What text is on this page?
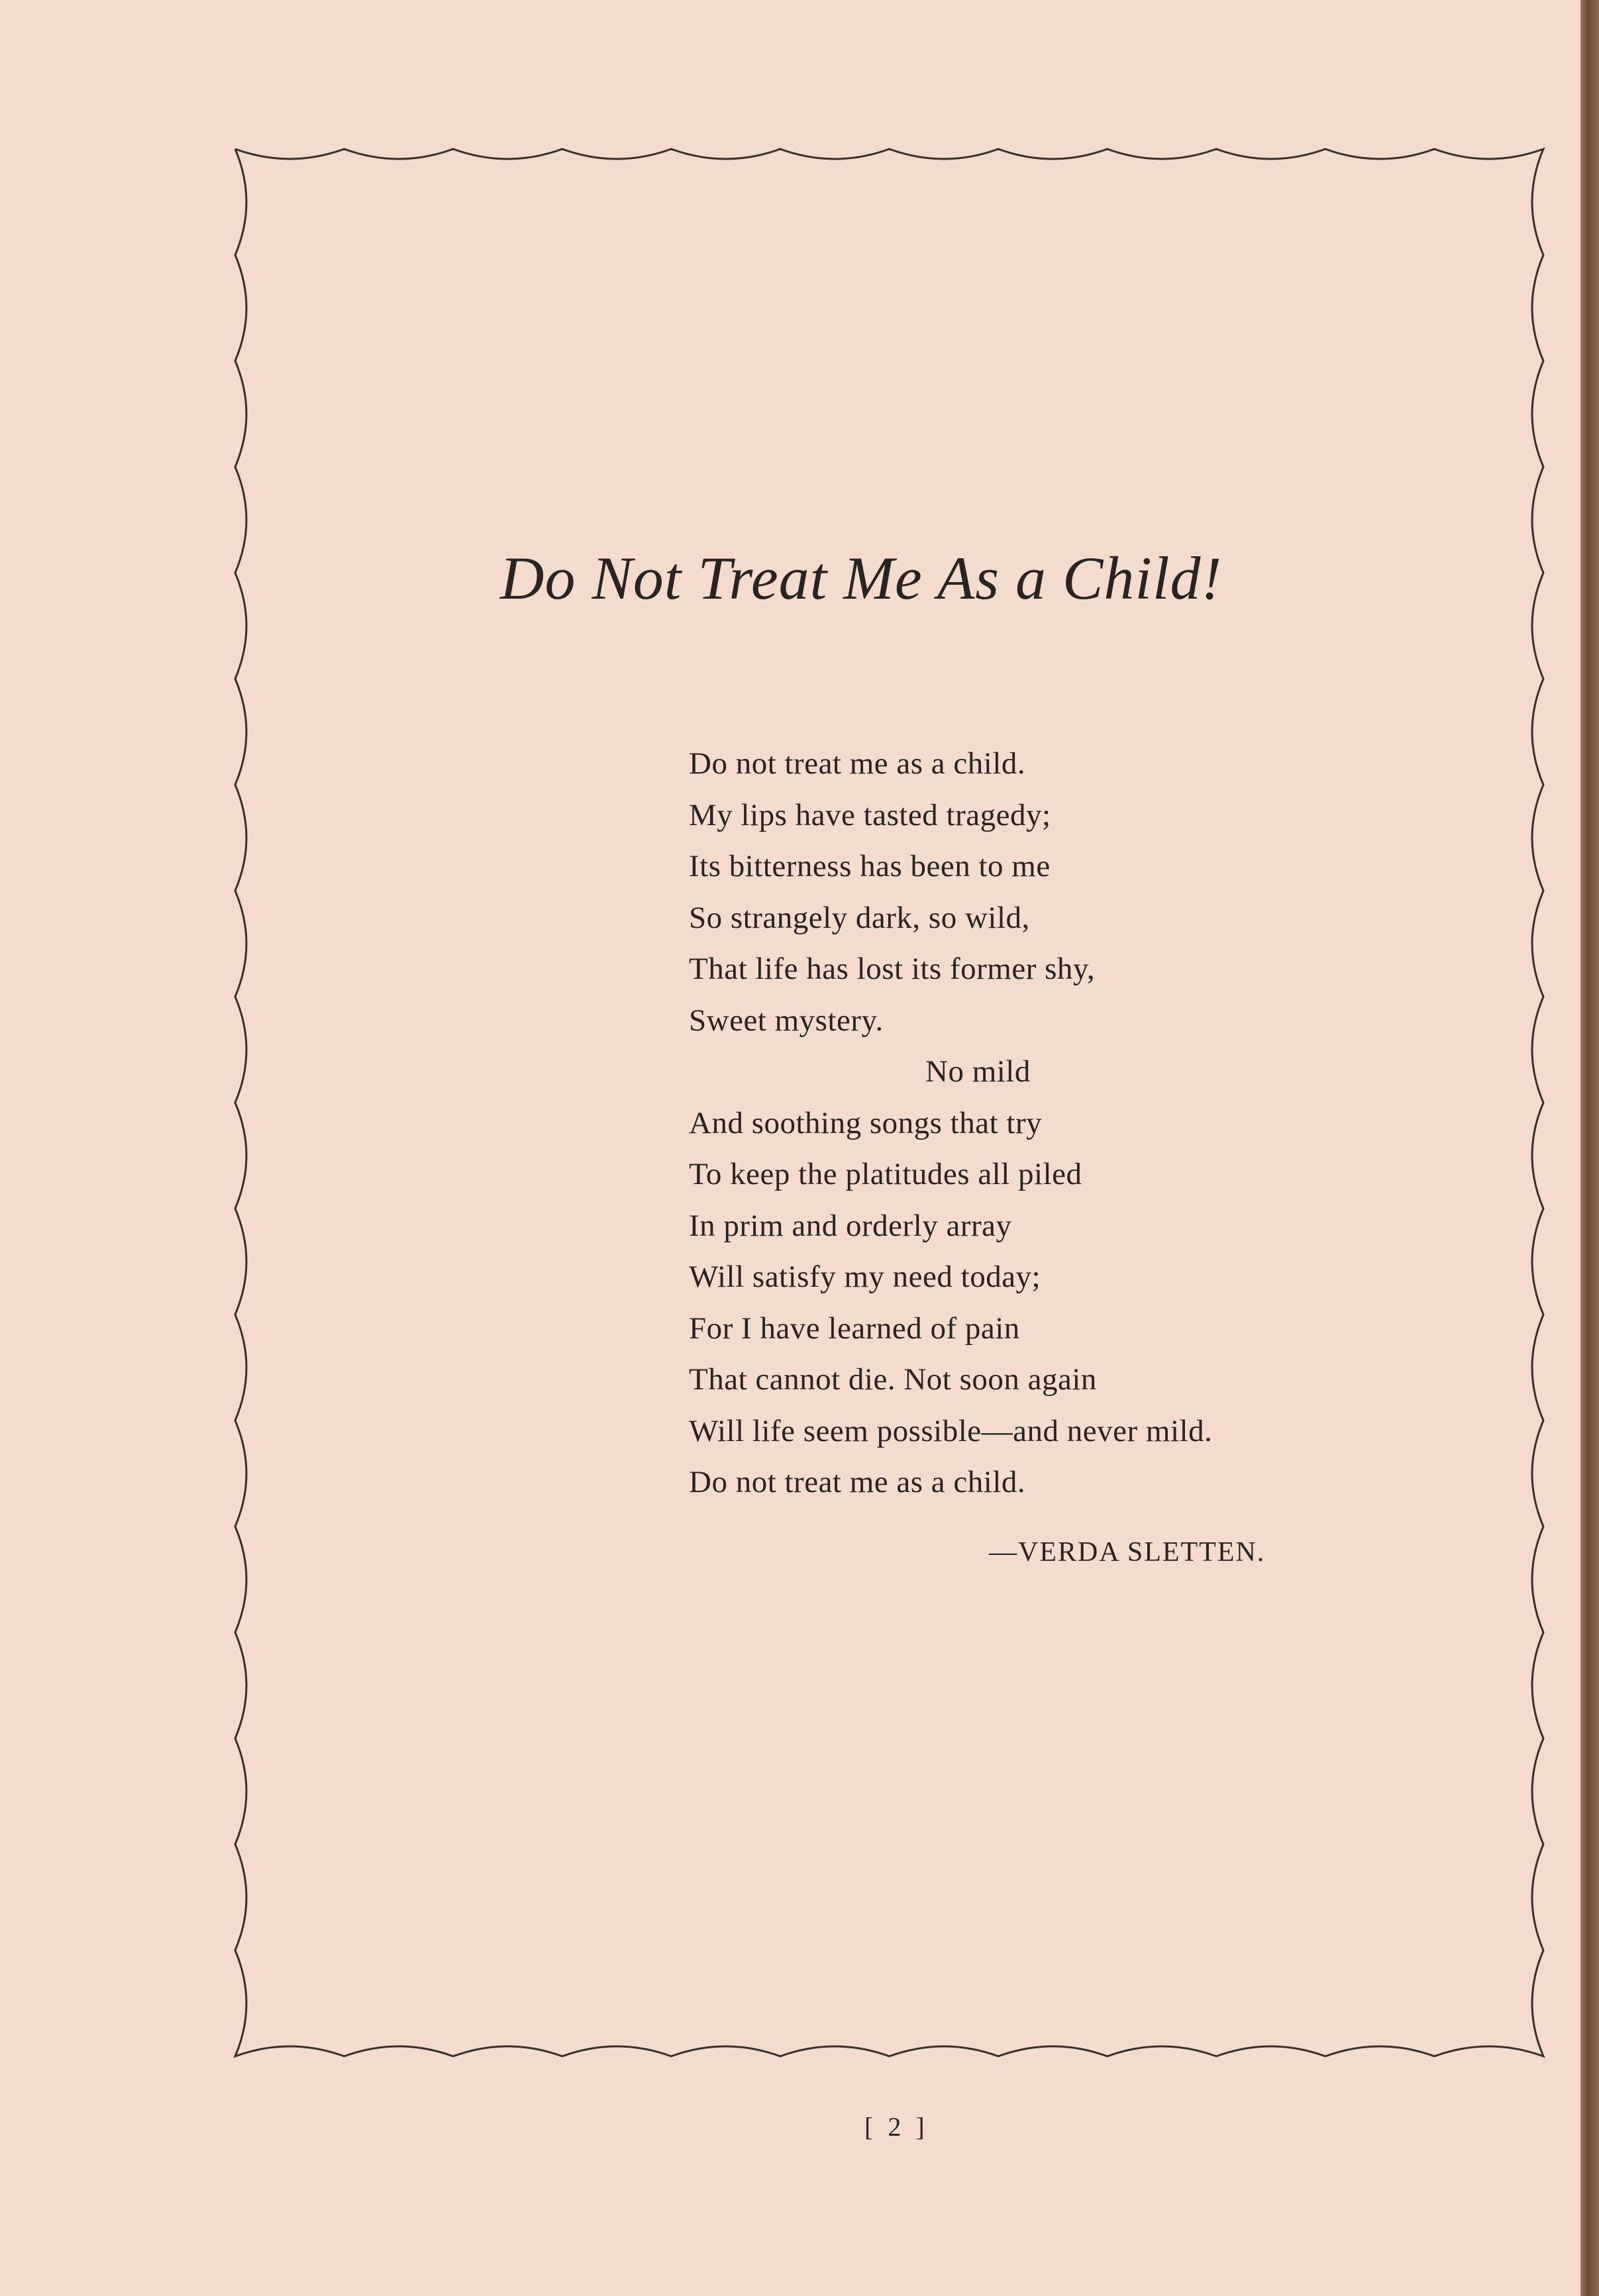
Do Not Treat Me As a Child!
Do not treat me as a child.
My lips have tasted tragedy;
Its bitterness has been to me
So strangely dark, so wild,
That life has lost its former shy,
Sweet mystery.
No mild
And soothing songs that try
To keep the platitudes all piled
In prim and orderly array
Will satisfy my need today;
For I have learned of pain
That cannot die. Not soon again
Will life seem possible—and never mild.
Do not treat me as a child.
—VERDA SLETTEN.
[ 2 ]
